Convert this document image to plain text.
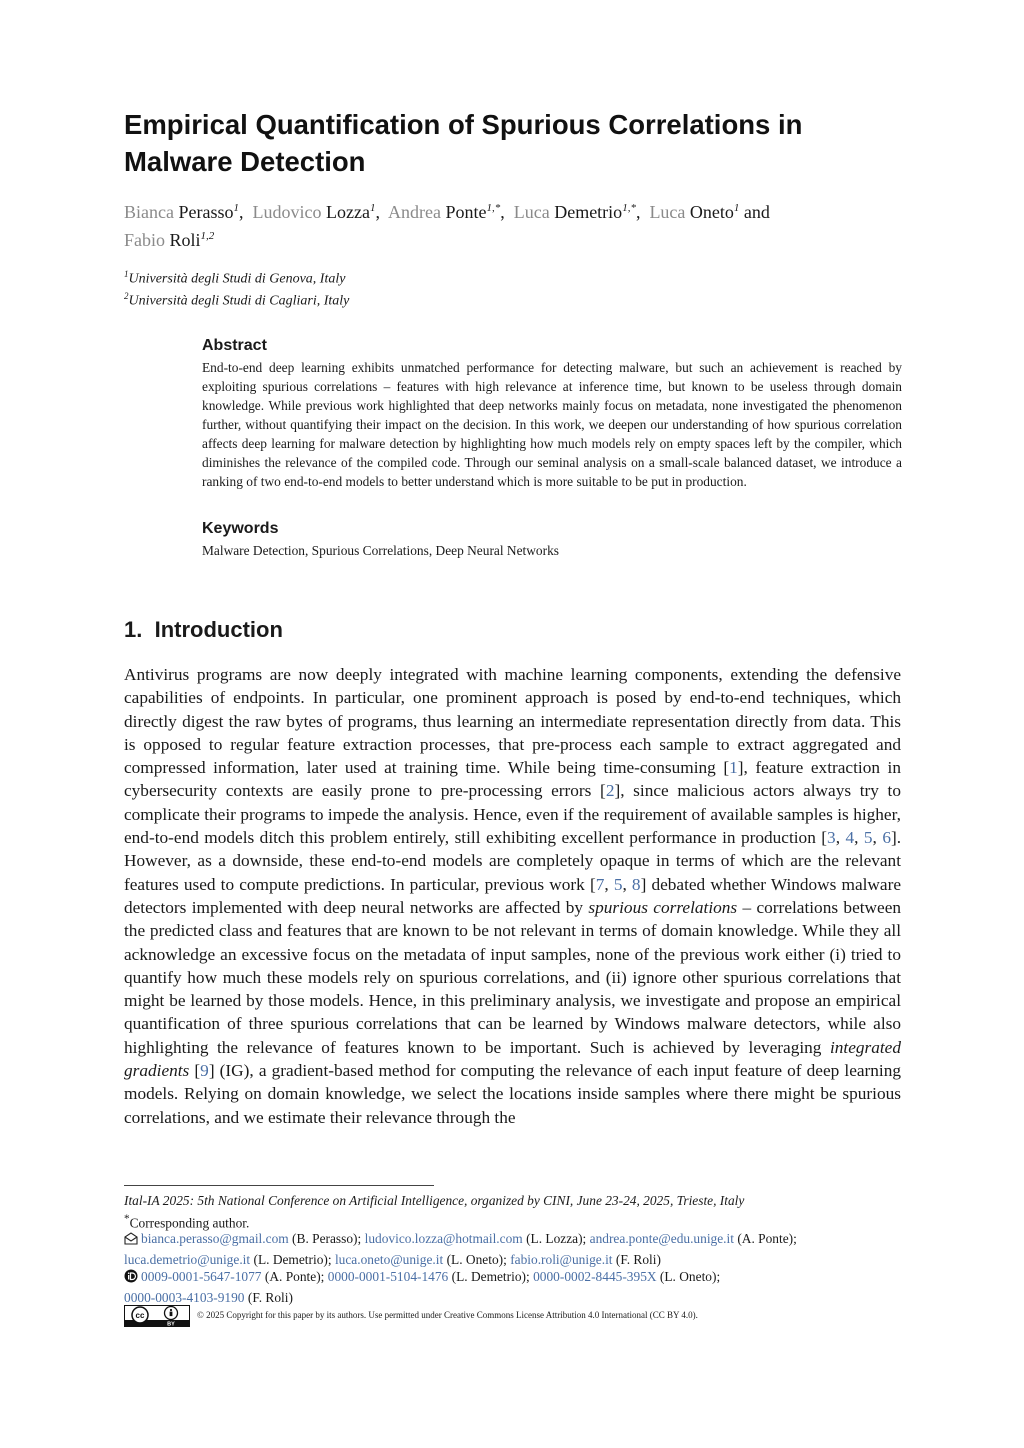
Empirical Quantification of Spurious Correlations in
Malware Detection
Bianca Perasso$^1$,  Ludovico Lozza$^1$,  Andrea Ponte$^{1,*}$,  Luca Demetrio$^{1,*}$,  Luca Oneto$^1$ and
Fabio Roli$^{1,2}$
$^1$Università degli Studi di Genova, Italy
$^2$Università degli Studi di Cagliari, Italy
Abstract
End-to-end deep learning exhibits unmatched performance for detecting malware, but such an achievement is reached by exploiting spurious correlations – features with high relevance at inference time, but known to be useless through domain knowledge. While previous work highlighted that deep networks mainly focus on metadata, none investigated the phenomenon further, without quantifying their impact on the decision. In this work, we deepen our understanding of how spurious correlation affects deep learning for malware detection by highlighting how much models rely on empty spaces left by the compiler, which diminishes the relevance of the compiled code. Through our seminal analysis on a small-scale balanced dataset, we introduce a ranking of two end-to-end models to better understand which is more suitable to be put in production.
Keywords
Malware Detection, Spurious Correlations, Deep Neural Networks
1. Introduction
Antivirus programs are now deeply integrated with machine learning components, extending the defensive capabilities of endpoints. In particular, one prominent approach is posed by end-to-end techniques, which directly digest the raw bytes of programs, thus learning an intermediate representation directly from data. This is opposed to regular feature extraction processes, that pre-process each sample to extract aggregated and compressed information, later used at training time. While being time-consuming [1], feature extraction in cybersecurity contexts are easily prone to pre-processing errors [2], since malicious actors always try to complicate their programs to impede the analysis. Hence, even if the requirement of available samples is higher, end-to-end models ditch this problem entirely, still exhibiting excellent performance in production [3, 4, 5, 6]. However, as a downside, these end-to-end models are completely opaque in terms of which are the relevant features used to compute predictions. In particular, previous work [7, 5, 8] debated whether Windows malware detectors implemented with deep neural networks are affected by spurious correlations – correlations between the predicted class and features that are known to be not relevant in terms of domain knowledge. While they all acknowledge an excessive focus on the metadata of input samples, none of the previous work either (i) tried to quantify how much these models rely on spurious correlations, and (ii) ignore other spurious correlations that might be learned by those models. Hence, in this preliminary analysis, we investigate and propose an empirical quantification of three spurious correlations that can be learned by Windows malware detectors, while also highlighting the relevance of features known to be important. Such is achieved by leveraging integrated gradients [9] (IG), a gradient-based method for computing the relevance of each input feature of deep learning models. Relying on domain knowledge, we select the locations inside samples where there might be spurious correlations, and we estimate their relevance through the
Ital-IA 2025: 5th National Conference on Artificial Intelligence, organized by CINI, June 23-24, 2025, Trieste, Italy
*Corresponding author.
bianca.perasso@gmail.com (B. Perasso); ludovico.lozza@hotmail.com (L. Lozza); andrea.ponte@edu.unige.it (A. Ponte);
luca.demetrio@unige.it (L. Demetrio); luca.oneto@unige.it (L. Oneto); fabio.roli@unige.it (F. Roli)
0009-0001-5647-1077 (A. Ponte); 0000-0001-5104-1476 (L. Demetrio); 0000-0002-8445-395X (L. Oneto);
0000-0003-4103-9190 (F. Roli)
cc
BY
© 2025 Copyright for this paper by its authors. Use permitted under Creative Commons License Attribution 4.0 International (CC BY 4.0).
